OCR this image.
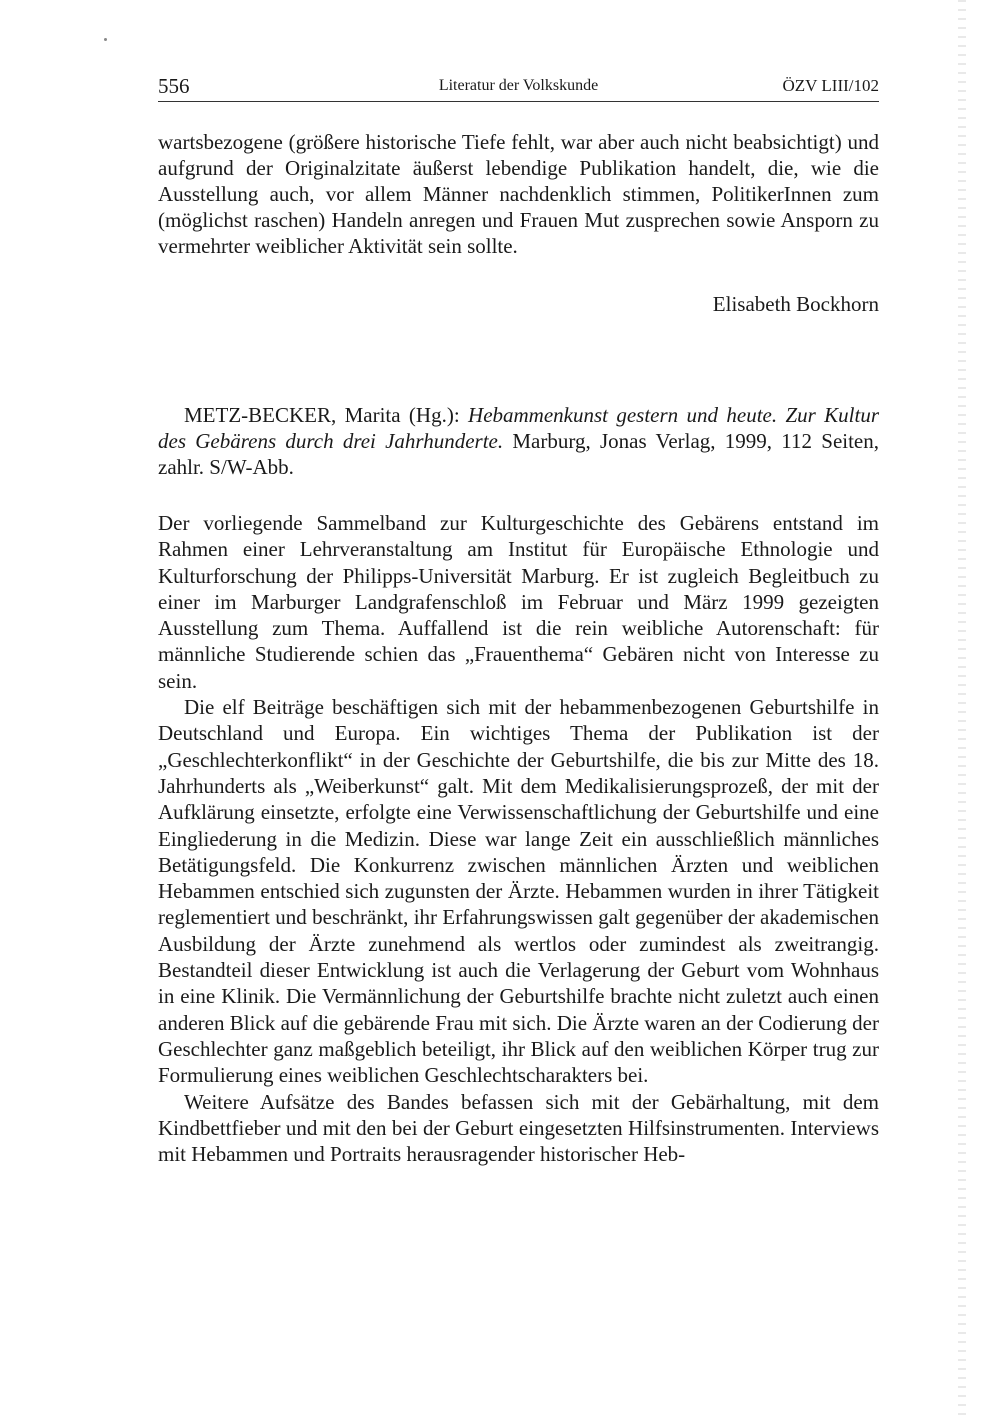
556	Literatur der Volkskunde	ÖZV LIII/102

wartsbezogene (größere historische Tiefe fehlt, war aber auch nicht beabsichtigt) und aufgrund der Originalzitate äußerst lebendige Publikation handelt, die, wie die Ausstellung auch, vor allem Männer nachdenklich stimmen, PolitikerInnen zum (möglichst raschen) Handeln anregen und Frauen Mut zusprechen sowie Ansporn zu vermehrter weiblicher Aktivität sein sollte.

Elisabeth Bockhorn
METZ-BECKER, Marita (Hg.): Hebammenkunst gestern und heute. Zur Kultur des Gebärens durch drei Jahrhunderte. Marburg, Jonas Verlag, 1999, 112 Seiten, zahlr. S/W-Abb.

Der vorliegende Sammelband zur Kulturgeschichte des Gebärens entstand im Rahmen einer Lehrveranstaltung am Institut für Europäische Ethnologie und Kulturforschung der Philipps-Universität Marburg. Er ist zugleich Begleitbuch zu einer im Marburger Landgrafenschloß im Februar und März 1999 gezeigten Ausstellung zum Thema. Auffallend ist die rein weibliche Autorenschaft: für männliche Studierende schien das „Frauenthema“ Gebären nicht von Interesse zu sein.

Die elf Beiträge beschäftigen sich mit der hebammenbezogenen Geburtshilfe in Deutschland und Europa. Ein wichtiges Thema der Publikation ist der „Geschlechterkonflikt“ in der Geschichte der Geburtshilfe, die bis zur Mitte des 18. Jahrhunderts als „Weiberkunst“ galt. Mit dem Medikalisierungsprozeß, der mit der Aufklärung einsetzte, erfolgte eine Verwissenschaftlichung der Geburtshilfe und eine Eingliederung in die Medizin. Diese war lange Zeit ein ausschließlich männliches Betätigungsfeld. Die Konkurrenz zwischen männlichen Ärzten und weiblichen Hebammen entschied sich zugunsten der Ärzte. Hebammen wurden in ihrer Tätigkeit reglementiert und beschränkt, ihr Erfahrungswissen galt gegenüber der akademischen Ausbildung der Ärzte zunehmend als wertlos oder zumindest als zweitrangig. Bestandteil dieser Entwicklung ist auch die Verlagerung der Geburt vom Wohnhaus in eine Klinik. Die Vermännlichung der Geburtshilfe brachte nicht zuletzt auch einen anderen Blick auf die gebärende Frau mit sich. Die Ärzte waren an der Codierung der Geschlechter ganz maßgeblich beteiligt, ihr Blick auf den weiblichen Körper trug zur Formulierung eines weiblichen Geschlechtscharakters bei.

Weitere Aufsätze des Bandes befassen sich mit der Gebärhaltung, mit dem Kindbettfieber und mit den bei der Geburt eingesetzten Hilfsinstrumenten. Interviews mit Hebammen und Portraits herausragender historischer Heb-
